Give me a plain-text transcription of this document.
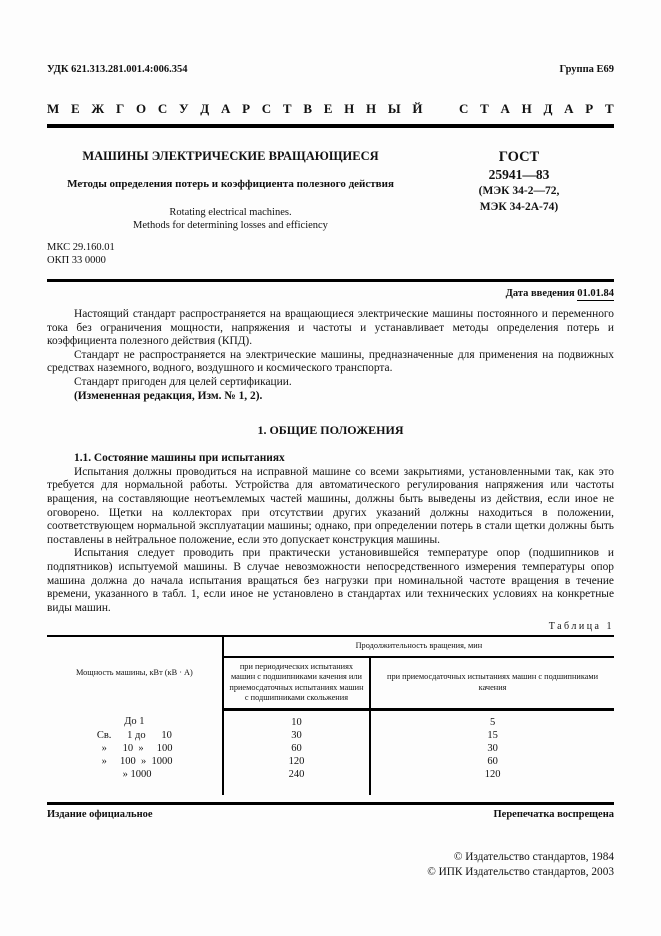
УДК 621.313.281.001.4:006.354	Группа Е69
М Е Ж Г О С У Д А Р С Т В Е Н Н Ы Й
	С Т А Н Д А Р Т
МАШИНЫ ЭЛЕКТРИЧЕСКИЕ ВРАЩАЮЩИЕСЯ
Методы определения потерь и коэффициента полезного действия
Rotating electrical machines.
Methods for determining losses and efficiency
ГОСТ
25941—83
(МЭК 34-2—72,
МЭК 34-2А-74)
МКС 29.160.01
ОКП 33 0000
Дата введения 01.01.84

Настоящий стандарт распространяется на вращающиеся электрические машины постоянного и переменного тока без ограничения мощности, напряжения и частоты и устанавливает методы определения потерь и коэффициента полезного действия (КПД).

Стандарт не распространяется на электрические машины, предназначенные для применения на подвижных средствах наземного, водного, воздушного и космического транспорта.

Стандарт пригоден для целей сертификации.

(Измененная редакция, Изм. № 1, 2).

1. ОБЩИЕ ПОЛОЖЕНИЯ
1.1. Состояние машины при испытаниях

Испытания должны проводиться на исправной машине со всеми закрытиями, установленными так, как это требуется для нормальной работы. Устройства для автоматического регулирования напряжения или частоты вращения, на составляющие неотъемлемых частей машины, должны быть выведены из действия, если иное не оговорено. Щетки на коллекторах при отсутствии других указаний должны находиться в положении, соответствующем нормальной эксплуатации машины; однако, при определении потерь в стали щетки должны быть поставлены в нейтральное положение, если это допускает конструкция машины.

Испытания следует проводить при практически установившейся температуре опор (подшипников и подпятников) испытуемой машины. В случае невозможности непосредственного измерения температуры опор машина должна до начала испытания вращаться без нагрузки при номинальной частоте вращения в течение времени, указанного в табл. 1, если иное не установлено в стандартах или технических условиях на конкретные виды машин.

Таблица 1
Мощность машины, кВт (кВ · А)	Продолжительность вращения, мин	
	при периодических испытаниях машин с подшипниками качения или приемосдаточных испытаниях машин с подшипниками скольжения	при приемосдаточных испытаниях машин с подшипниками качения
До 1	10	5
Св.      1 до      10	30	15
»      10  »     100	60	30
»     100  »  1000	120	60
» 1000	240	120
Издание официальное	Перепечатка воспрещена
© Издательство стандартов, 1984
© ИПК Издательство стандартов, 2003
